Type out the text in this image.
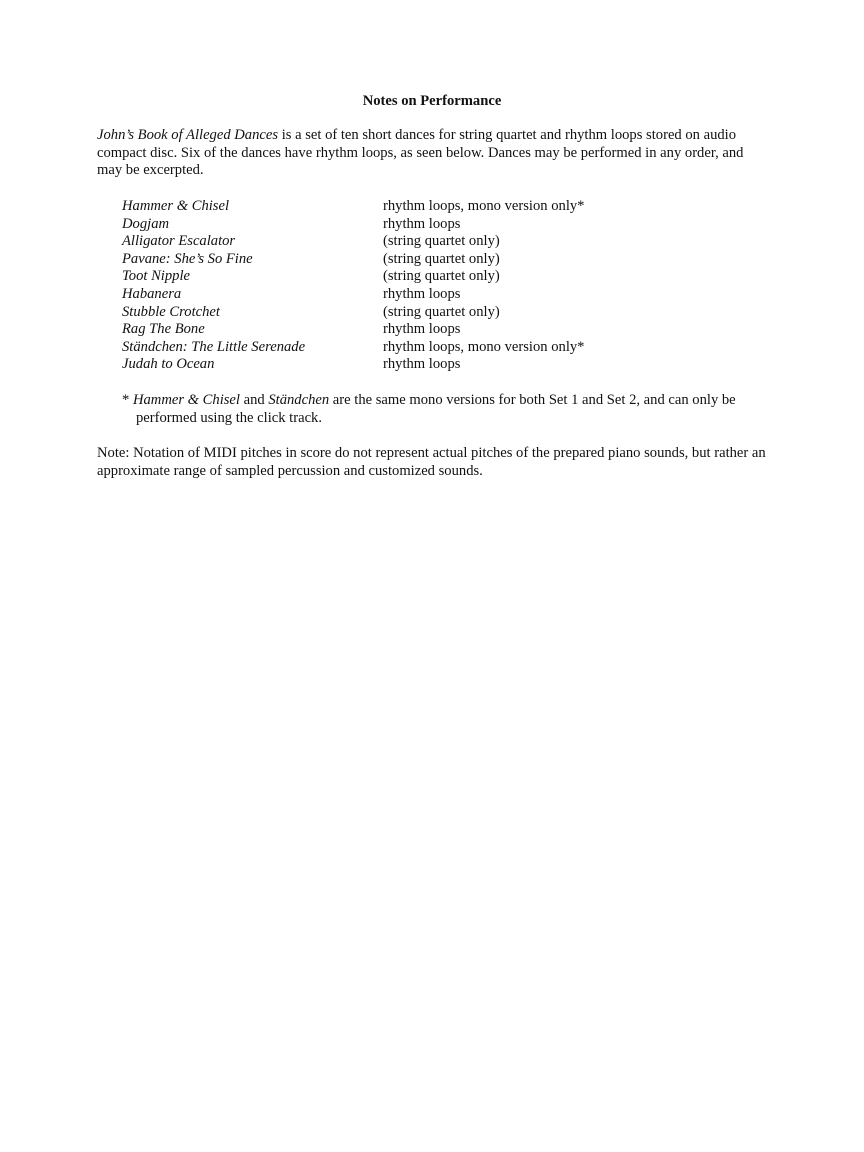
Notes on Performance

John’s Book of Alleged Dances is a set of ten short dances for string quartet and rhythm loops stored on audio compact disc. Six of the dances have rhythm loops, as seen below. Dances may be performed in any order, and may be excerpted.

Hammer & Chisel	rhythm loops, mono version only*
Dogjam	rhythm loops
Alligator Escalator	(string quartet only)
Pavane: She’s So Fine	(string quartet only)
Toot Nipple	(string quartet only)
Habanera	rhythm loops
Stubble Crotchet	(string quartet only)
Rag The Bone	rhythm loops
Ständchen: The Little Serenade	rhythm loops, mono version only*
Judah to Ocean	rhythm loops

* Hammer & Chisel and Ständchen are the same mono versions for both Set 1 and Set 2, and can only be performed using the click track.

Note: Notation of MIDI pitches in score do not represent actual pitches of the prepared piano sounds, but rather an approximate range of sampled percussion and customized sounds.
